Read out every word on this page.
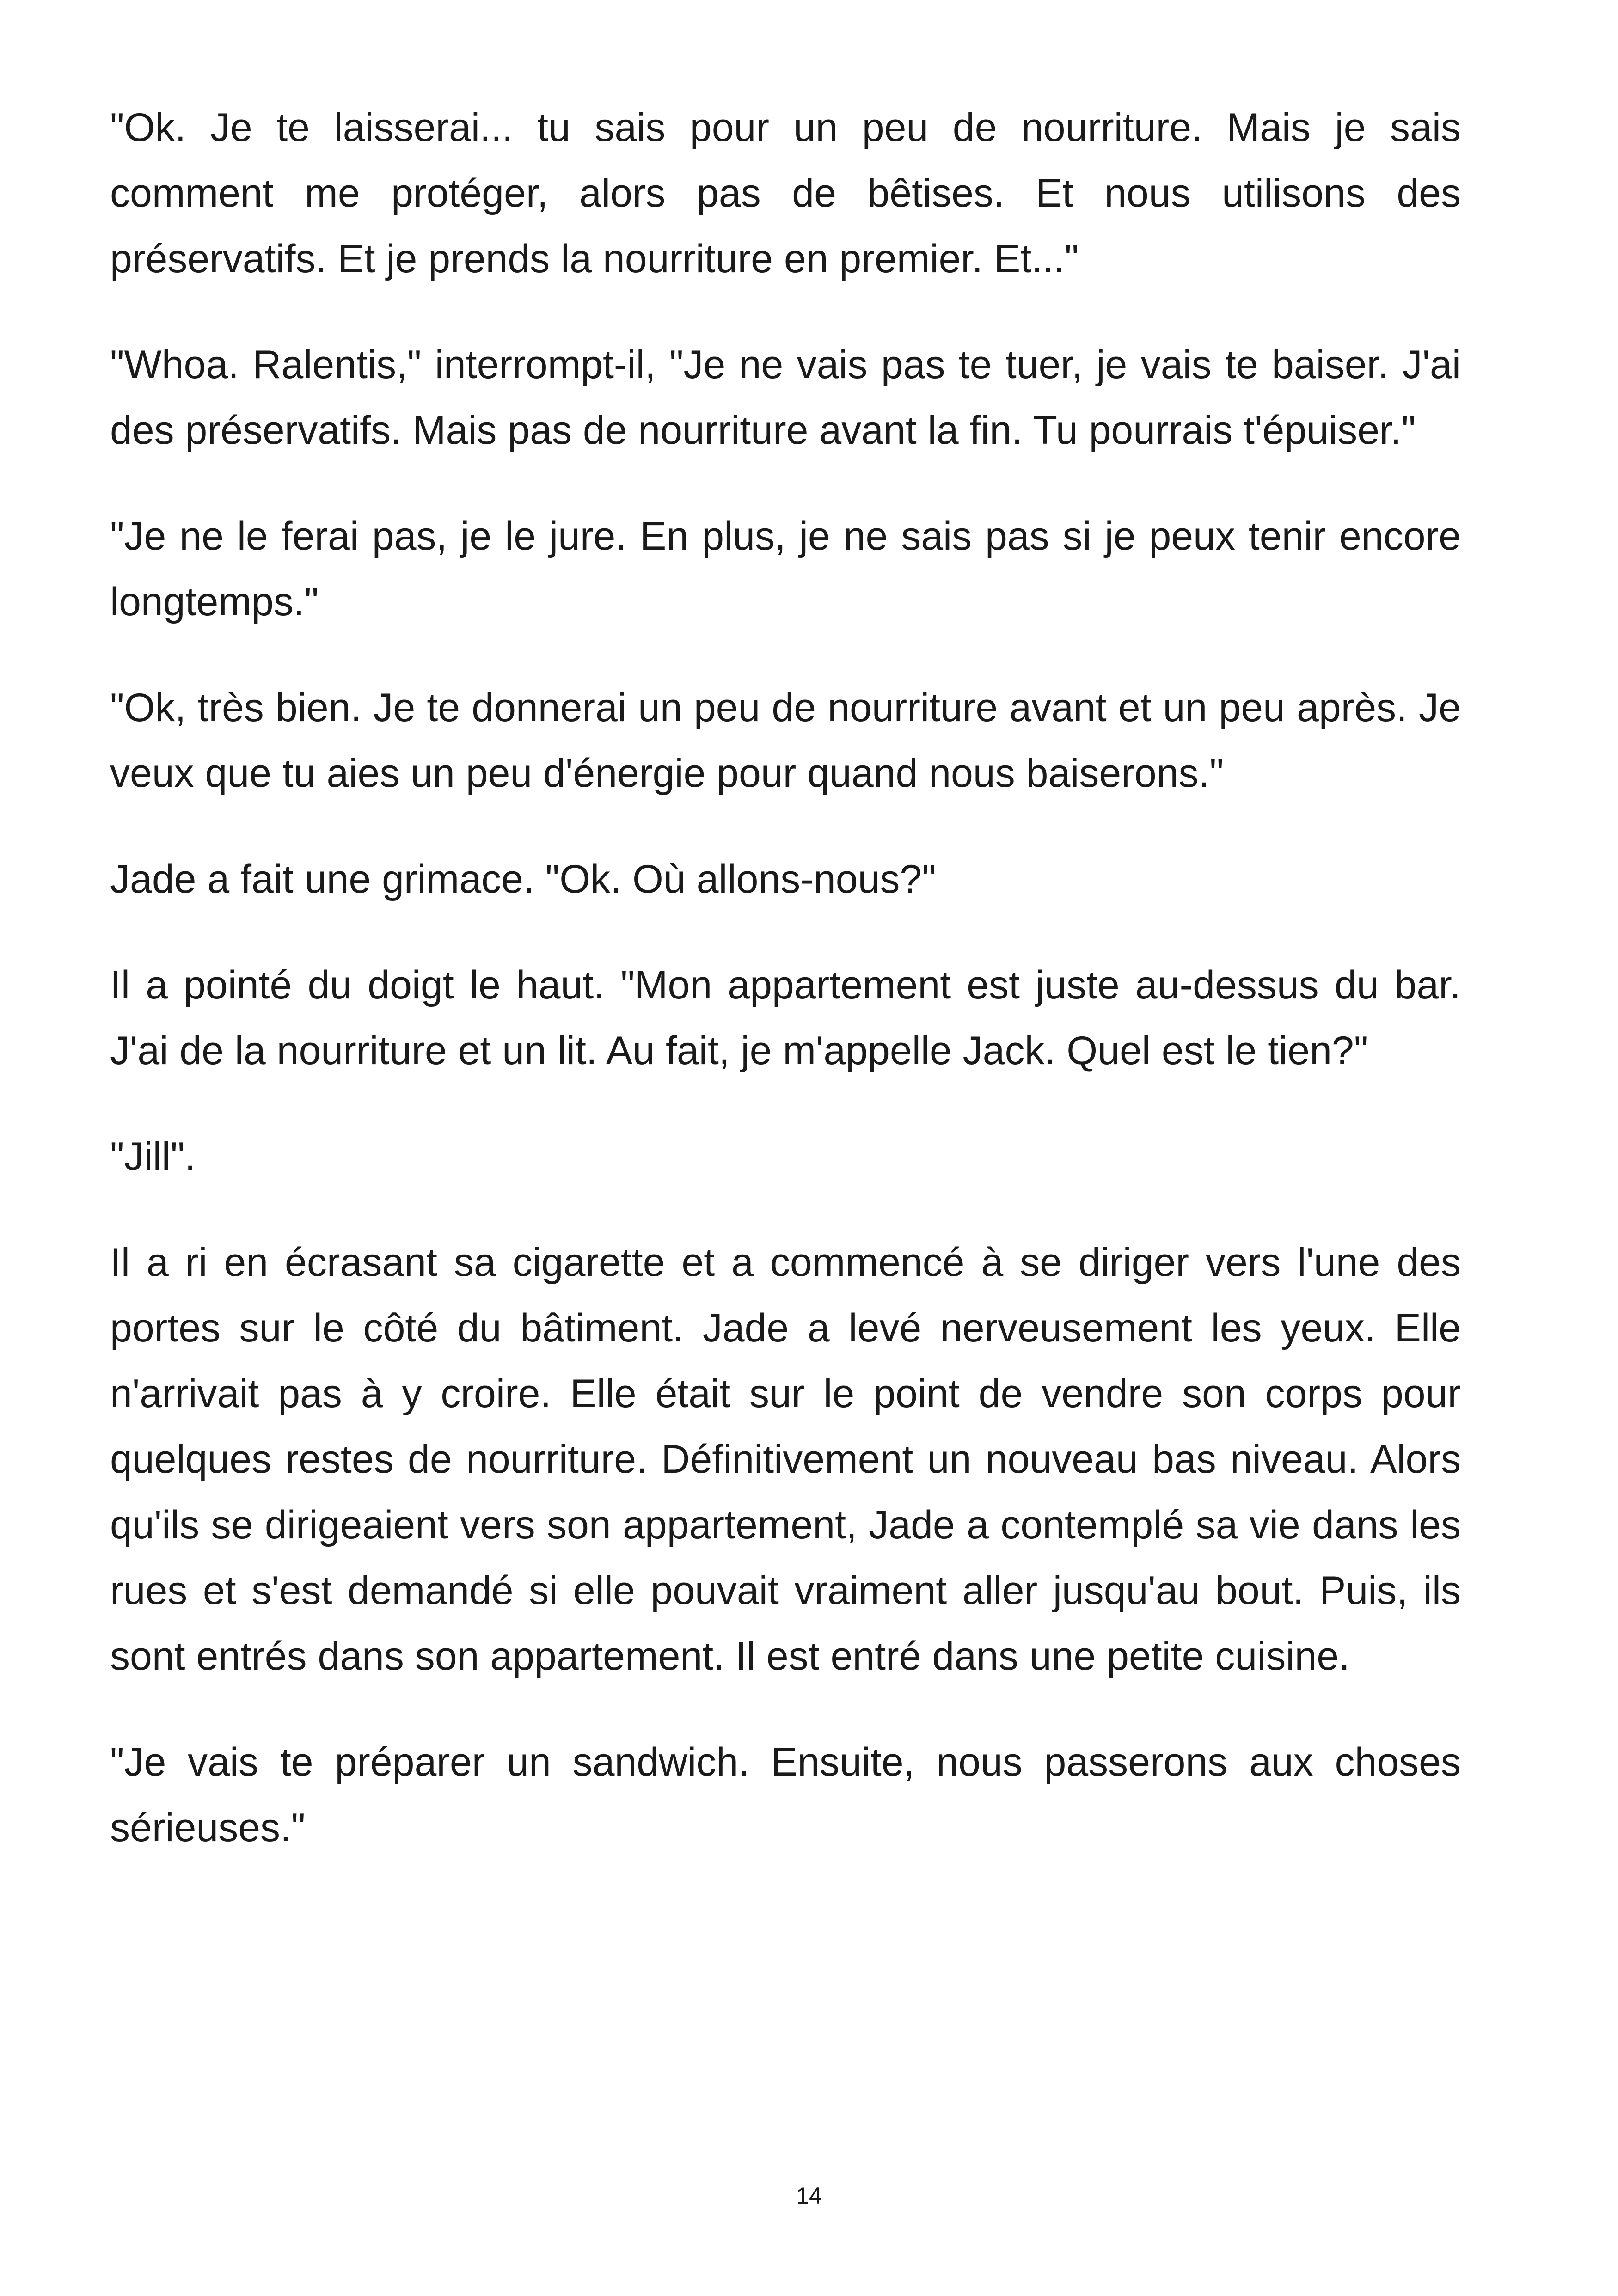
"Ok. Je te laisserai... tu sais pour un peu de nourriture. Mais je sais comment me protéger, alors pas de bêtises. Et nous utilisons des préservatifs. Et je prends la nourriture en premier. Et..."

"Whoa. Ralentis," interrompt-il, "Je ne vais pas te tuer, je vais te baiser. J'ai des préservatifs. Mais pas de nourriture avant la fin. Tu pourrais t'épuiser."

"Je ne le ferai pas, je le jure. En plus, je ne sais pas si je peux tenir encore longtemps."

"Ok, très bien. Je te donnerai un peu de nourriture avant et un peu après. Je veux que tu aies un peu d'énergie pour quand nous baiserons."

Jade a fait une grimace. "Ok. Où allons-nous?"

Il a pointé du doigt le haut. "Mon appartement est juste au-dessus du bar. J'ai de la nourriture et un lit. Au fait, je m'appelle Jack. Quel est le tien?"

"Jill".

Il a ri en écrasant sa cigarette et a commencé à se diriger vers l'une des portes sur le côté du bâtiment. Jade a levé nerveusement les yeux. Elle n'arrivait pas à y croire. Elle était sur le point de vendre son corps pour quelques restes de nourriture. Définitivement un nouveau bas niveau. Alors qu'ils se dirigeaient vers son appartement, Jade a contemplé sa vie dans les rues et s'est demandé si elle pouvait vraiment aller jusqu'au bout. Puis, ils sont entrés dans son appartement. Il est entré dans une petite cuisine.

"Je vais te préparer un sandwich. Ensuite, nous passerons aux choses sérieuses."

14
